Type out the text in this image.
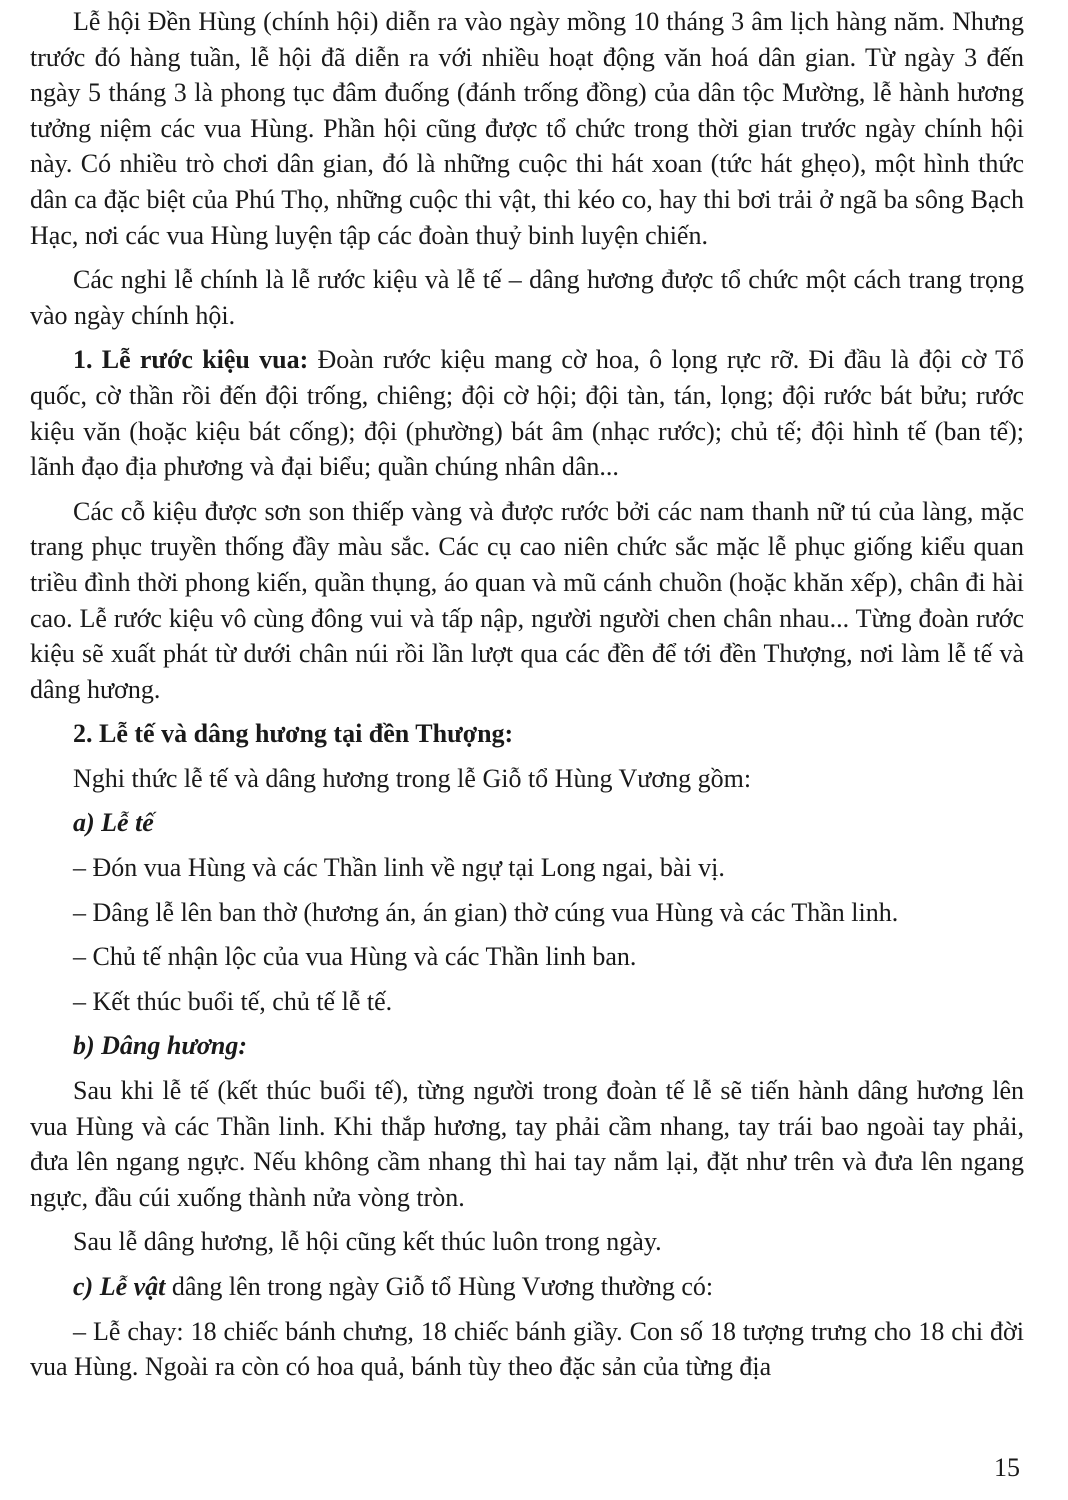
Lễ hội Đền Hùng (chính hội) diễn ra vào ngày mồng 10 tháng 3 âm lịch hàng năm. Nhưng trước đó hàng tuần, lễ hội đã diễn ra với nhiều hoạt động văn hoá dân gian. Từ ngày 3 đến ngày 5 tháng 3 là phong tục đâm đuống (đánh trống đồng) của dân tộc Mường, lễ hành hương tưởng niệm các vua Hùng. Phần hội cũng được tổ chức trong thời gian trước ngày chính hội này. Có nhiều trò chơi dân gian, đó là những cuộc thi hát xoan (tức hát ghẹo), một hình thức dân ca đặc biệt của Phú Thọ, những cuộc thi vật, thi kéo co, hay thi bơi trải ở ngã ba sông Bạch Hạc, nơi các vua Hùng luyện tập các đoàn thuỷ binh luyện chiến.

Các nghi lễ chính là lễ rước kiệu và lễ tế – dâng hương được tổ chức một cách trang trọng vào ngày chính hội.

1. Lễ rước kiệu vua: Đoàn rước kiệu mang cờ hoa, ô lọng rực rỡ. Đi đầu là đội cờ Tổ quốc, cờ thần rồi đến đội trống, chiêng; đội cờ hội; đội tàn, tán, lọng; đội rước bát bửu; rước kiệu văn (hoặc kiệu bát cống); đội (phường) bát âm (nhạc rước); chủ tế; đội hình tế (ban tế); lãnh đạo địa phương và đại biểu; quần chúng nhân dân...

Các cỗ kiệu được sơn son thiếp vàng và được rước bởi các nam thanh nữ tú của làng, mặc trang phục truyền thống đầy màu sắc. Các cụ cao niên chức sắc mặc lễ phục giống kiểu quan triều đình thời phong kiến, quần thụng, áo quan và mũ cánh chuồn (hoặc khăn xếp), chân đi hài cao. Lễ rước kiệu vô cùng đông vui và tấp nập, người người chen chân nhau... Từng đoàn rước kiệu sẽ xuất phát từ dưới chân núi rồi lần lượt qua các đền để tới đền Thượng, nơi làm lễ tế và dâng hương.

2. Lễ tế và dâng hương tại đền Thượng:

Nghi thức lễ tế và dâng hương trong lễ Giỗ tổ Hùng Vương gồm:

a) Lễ tế

– Đón vua Hùng và các Thần linh về ngự tại Long ngai, bài vị.

– Dâng lễ lên ban thờ (hương án, án gian) thờ cúng vua Hùng và các Thần linh.

– Chủ tế nhận lộc của vua Hùng và các Thần linh ban.

– Kết thúc buổi tế, chủ tế lễ tế.

b) Dâng hương:

Sau khi lễ tế (kết thúc buổi tế), từng người trong đoàn tế lễ sẽ tiến hành dâng hương lên vua Hùng và các Thần linh. Khi thắp hương, tay phải cầm nhang, tay trái bao ngoài tay phải, đưa lên ngang ngực. Nếu không cầm nhang thì hai tay nắm lại, đặt như trên và đưa lên ngang ngực, đầu cúi xuống thành nửa vòng tròn.

Sau lễ dâng hương, lễ hội cũng kết thúc luôn trong ngày.

c) Lễ vật dâng lên trong ngày Giỗ tổ Hùng Vương thường có:

– Lễ chay: 18 chiếc bánh chưng, 18 chiếc bánh giầy. Con số 18 tượng trưng cho 18 chi đời vua Hùng. Ngoài ra còn có hoa quả, bánh tùy theo đặc sản của từng địa

15
